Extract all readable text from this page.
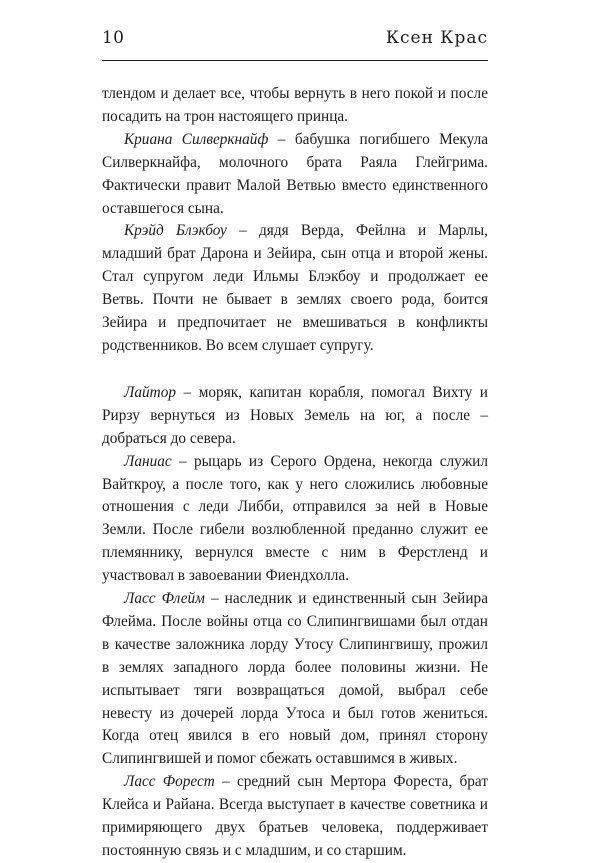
10	Ксен Крас

тлендом и делает все, чтобы вернуть в него покой и после посадить на трон настоящего принца.

Криана Силверкнайф – бабушка погибшего Мекула Силверкнайфа, молочного брата Раяла Глейгрима. Фактически правит Малой Ветвью вместо единственного оставшегося сына.

Крэйд Блэкбоу – дядя Верда, Фейлна и Марлы, младший брат Дарона и Зейира, сын отца и второй жены. Стал супругом леди Ильмы Блэкбоу и продолжает ее Ветвь. Почти не бывает в землях своего рода, боится Зейира и предпочитает не вмешиваться в конфликты родственников. Во всем слушает супругу.

Лайтор – моряк, капитан корабля, помогал Вихту и Рирзу вернуться из Новых Земель на юг, а после – добраться до севера.

Ланиас – рыцарь из Серого Ордена, некогда служил Вайткроу, а после того, как у него сложились любовные отношения с леди Либби, отправился за ней в Новые Земли. После гибели возлюбленной преданно служит ее племяннику, вернулся вместе с ним в Ферстленд и участвовал в завоевании Фиендхолла.

Ласс Флейм – наследник и единственный сын Зейира Флейма. После войны отца со Слипингвишами был отдан в качестве заложника лорду Утосу Слипингвишу, прожил в землях западного лорда более половины жизни. Не испытывает тяги возвращаться домой, выбрал себе невесту из дочерей лорда Утоса и был готов жениться. Когда отец явился в его новый дом, принял сторону Слипингвишей и помог сбежать оставшимся в живых.

Ласс Форест – средний сын Мертора Фореста, брат Клейса и Райана. Всегда выступает в качестве советника и примиряющего двух братьев человека, поддерживает постоянную связь и с младшим, и со старшим.
